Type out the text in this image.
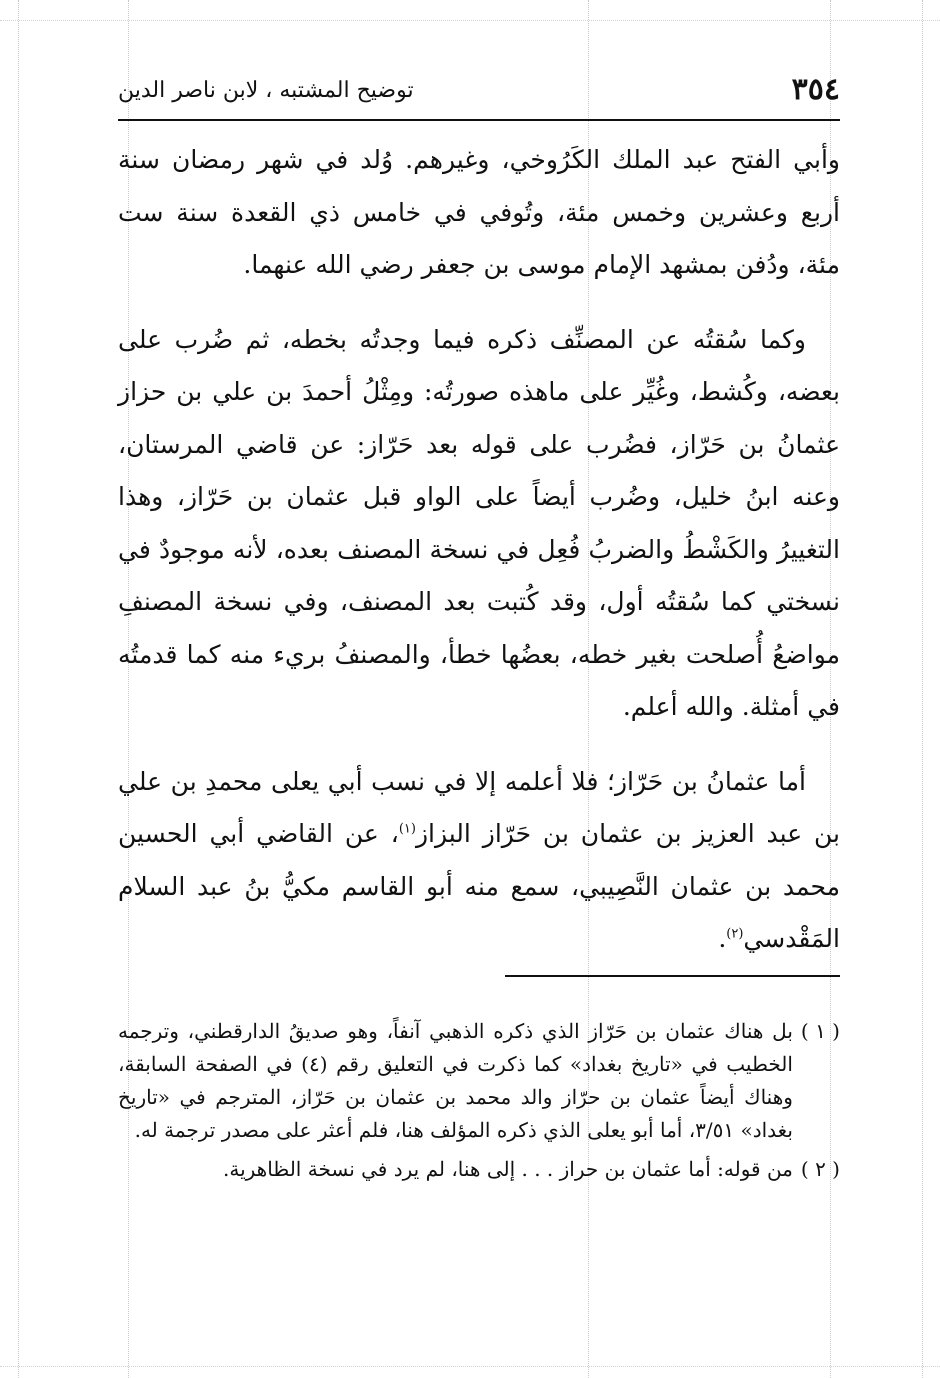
٣٥٤
توضيح المشتبه ، لابن ناصر الدين

وأبي الفتح عبد الملك الكَرُوخي، وغيرهم. وُلد في شهر رمضان سنة أربع وعشرين وخمس مئة، وتُوفي في خامس ذي القعدة سنة ست مئة، ودُفن بمشهد الإمام موسى بن جعفر رضي الله عنهما.

وكما سُقتُه عن المصنِّف ذكره فيما وجدتُه بخطه، ثم ضُرب على بعضه، وكُشط، وغُيِّر على ماهذه صورتُه: ومِثْلُ أحمدَ بن علي بن حزاز عثمانُ بن حَرّاز، فضُرب على قوله بعد حَرّاز: عن قاضي المرستان، وعنه ابنُ خليل، وضُرب أيضاً على الواو قبل عثمان بن حَرّاز، وهذا التغييرُ والكَشْطُ والضربُ فُعِل في نسخة المصنف بعده، لأنه موجودٌ في نسختي كما سُقتُه أول، وقد كُتبت بعد المصنف، وفي نسخة المصنفِ مواضعُ أُصلحت بغير خطه، بعضُها خطأ، والمصنفُ بريء منه كما قدمتُه في أمثلة. والله أعلم.

أما عثمانُ بن حَرّاز؛ فلا أعلمه إلا في نسب أبي يعلى محمدِ بن علي بن عبد العزيز بن عثمان بن حَرّاز البزاز$^{(١)}$، عن القاضي أبي الحسين محمد بن عثمان النَّصِيبي، سمع منه أبو القاسم مكيُّ بنُ عبد السلام المَقْدسي$^{(٢)}$.

( ١ )
بل هناك عثمان بن حَرّاز الذي ذكره الذهبي آنفاً، وهو صديقُ الدارقطني، وترجمه الخطيب في «تاريخ بغداد» كما ذكرت في التعليق رقم (٤) في الصفحة السابقة، وهناك أيضاً عثمان بن حرّاز والد محمد بن عثمان بن حَرّاز، المترجم في «تاريخ بغداد» ٣/٥١، أما أبو يعلى الذي ذكره المؤلف هنا، فلم أعثر على مصدر ترجمة له.
( ٢ )
من قوله: أما عثمان بن حراز . . . إلى هنا، لم يرد في نسخة الظاهرية.
